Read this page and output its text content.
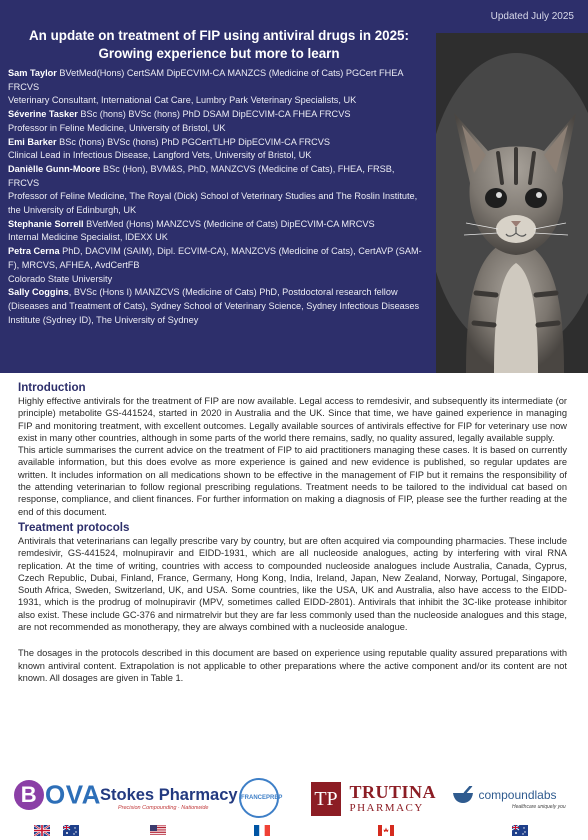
Updated July 2025
An update on treatment of FIP using antiviral drugs in 2025:
Growing experience but more to learn

Sam Taylor BVetMed(Hons) CertSAM DipECVIM-CA MANZCS (Medicine of Cats) PGCert FHEA FRCVS

Veterinary Consultant, International Cat Care, Lumbry Park Veterinary Specialists, UK

Séverine Tasker BSc (hons) BVSc (hons) PhD DSAM DipECVIM-CA FHEA FRCVS

Professor in Feline Medicine, University of Bristol, UK

Emi Barker BSc (hons) BVSc (hons) PhD PGCertTLHP DipECVIM-CA FRCVS

Clinical Lead in Infectious Disease, Langford Vets, University of Bristol, UK

Danièlle Gunn-Moore BSc (Hon), BVM&S, PhD, MANZCVS (Medicine of Cats), FHEA, FRSB, FRCVS

Professor of Feline Medicine, The Royal (Dick) School of Veterinary Studies and The Roslin Institute, the University of Edinburgh, UK

Stephanie Sorrell BVetMed (Hons) MANZCVS (Medicine of Cats) DipECVIM-CA MRCVS

Internal Medicine Specialist, IDEXX UK

Petra Cerna PhD, DACVIM (SAIM), Dipl. ECVIM-CA), MANZCVS (Medicine of Cats), CertAVP (SAM-F), MRCVS, AFHEA, AvdCertFB

Colorado State University

Sally Coggins, BVSc (Hons I) MANZCVS (Medicine of Cats) PhD, Postdoctoral research fellow (Diseases and Treatment of Cats), Sydney School of Veterinary Science, Sydney Infectious Diseases Institute (Sydney ID), The University of Sydney

Introduction

Highly effective antivirals for the treatment of FIP are now available. Legal access to remdesivir, and subsequently its intermediate (or principle) metabolite GS-441524, started in 2020 in Australia and the UK. Since that time, we have gained experience in managing FIP and monitoring treatment, with excellent outcomes. Legally available sources of antivirals effective for FIP for veterinary use now exist in many other countries, although in some parts of the world there remains, sadly, no quality assured, legally available supply.

This article summarises the current advice on the treatment of FIP to aid practitioners managing these cases. It is based on currently available information, but this does evolve as more experience is gained and new evidence is published, so regular updates are written. It includes information on all medications shown to be effective in the management of FIP but it remains the responsibility of the attending veterinarian to follow regional prescribing regulations. Treatment needs to be tailored to the individual cat based on response, compliance, and client finances. For further information on making a diagnosis of FIP, please see the further reading at the end of this document.

Treatment protocols

Antivirals that veterinarians can legally prescribe vary by country, but are often acquired via compounding pharmacies. These include remdesivir, GS-441524, molnupiravir and EIDD-1931, which are all nucleoside analogues, acting by interfering with viral RNA replication. At the time of writing, countries with access to compounded nucleoside analogues include Australia, Canada, Cyprus, Czech Republic, Dubai, Finland, France, Germany, Hong Kong, India, Ireland, Japan, New Zealand, Norway, Portugal, Singapore, South Africa, Sweden, Switzerland, UK, and USA. Some countries, like the USA, UK and Australia, also have access to the EIDD-1931, which is the prodrug of molnupiravir (MPV, sometimes called EIDD-2801). Antivirals that inhibit the 3C-like protease inhibitor also exist. These include GC-376 and nirmatrelvir but they are far less commonly used than the nucleoside analogues and this stage, are not recommended as monotherapy, they are always combined with a nucleoside analogue.

The dosages in the protocols described in this document are based on experience using reputable quality assured preparations with known antiviral content. Extrapolation is not applicable to other preparations where the active component and/or its content are not known. All dosages are given in Table 1.

B OVA Stokes Pharmacy
Precision Compounding · Nationwide
FRANCEPREP TP TRUTINA
PHARMACY
compoundlabs
Healthcare uniquely you
